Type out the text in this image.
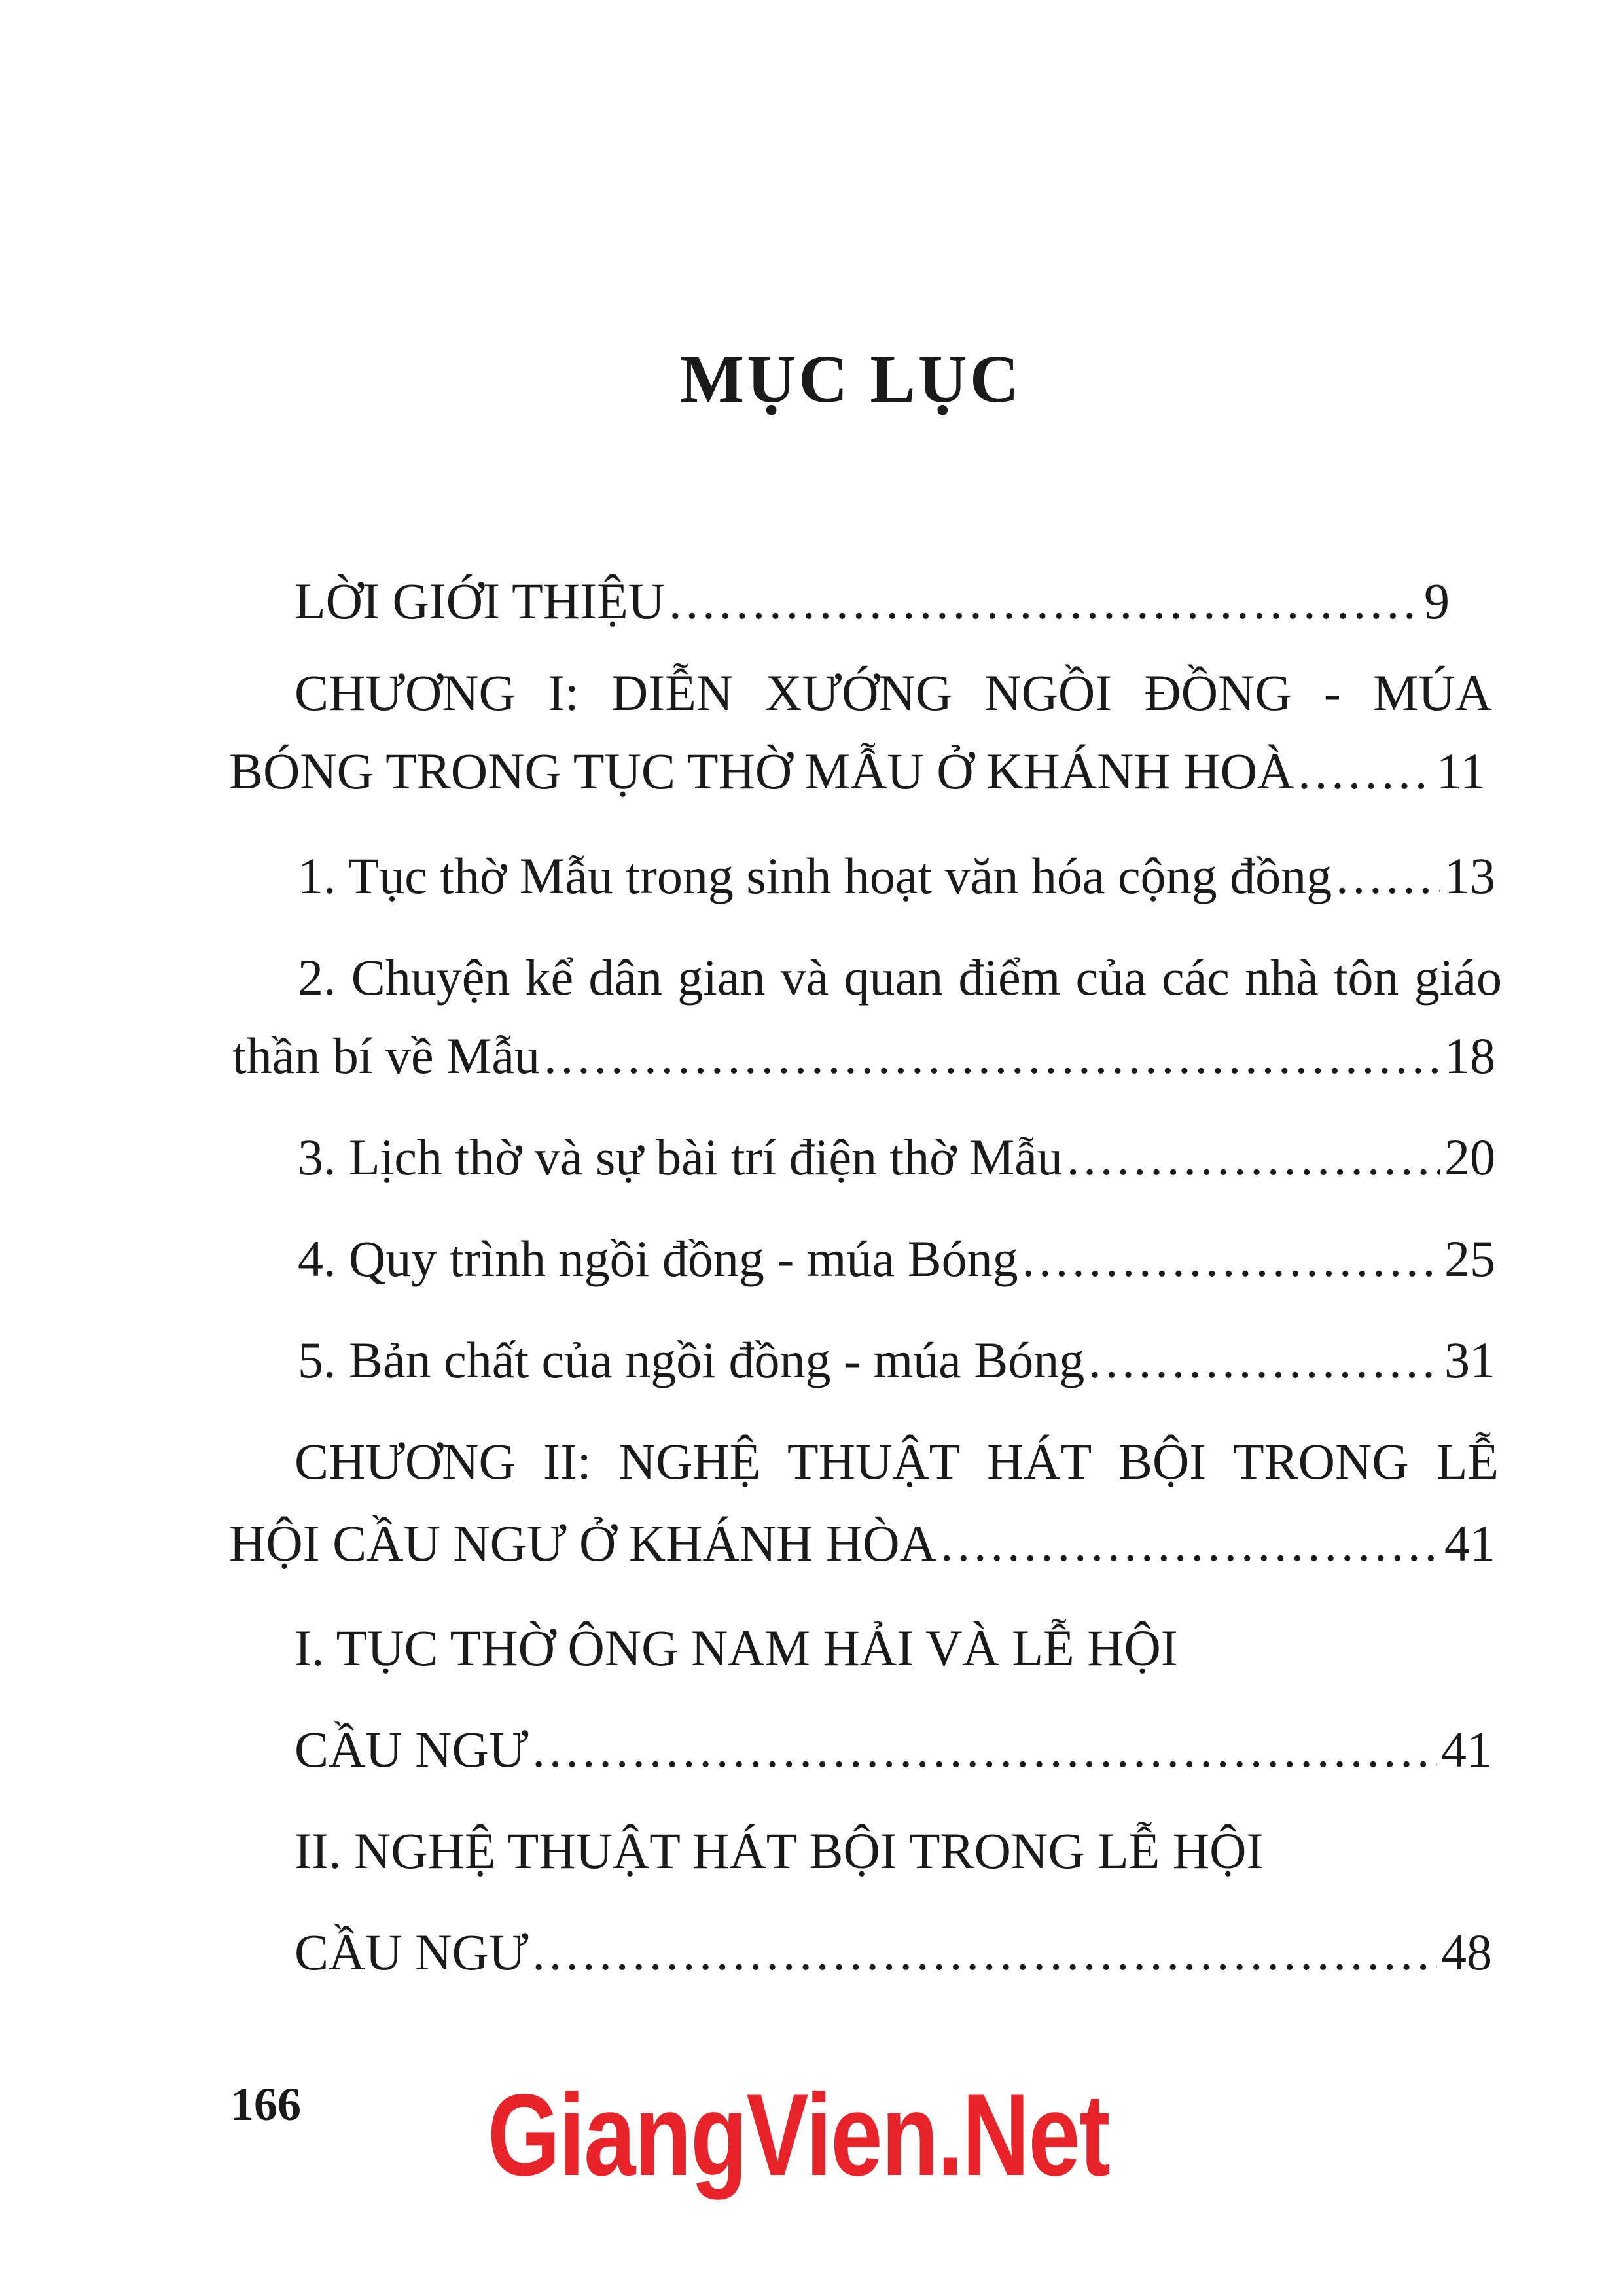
MỤC LỤC
LỜI GIỚI THIỆU .....	9
CHƯƠNG I: DIỄN XƯỚNG NGỒI ĐỒNG - MÚA
BÓNG TRONG TỤC THỜ MẪU Ở KHÁNH HOÀ .....	11
1. Tục thờ Mẫu trong sinh hoạt văn hóa cộng đồng ..... 13
2. Chuyện kể dân gian và quan điểm của các nhà tôn giáo
thần bí về Mẫu .....	18
3. Lịch thờ và sự bài trí điện thờ Mẫu .....	20
4. Quy trình ngồi đồng - múa Bóng .....	25
5. Bản chất của ngồi đồng - múa Bóng .....	31
CHƯƠNG II: NGHỆ THUẬT HÁT BỘI TRONG LỄ
HỘI CẦU NGƯ Ở KHÁNH HÒA .....	41
I. TỤC THỜ ÔNG NAM HẢI VÀ LỄ HỘI
CẦU NGƯ .....	41
II. NGHỆ THUẬT HÁT BỘI TRONG LỄ HỘI
CẦU NGƯ .....	48
166 GiangVien.Net
